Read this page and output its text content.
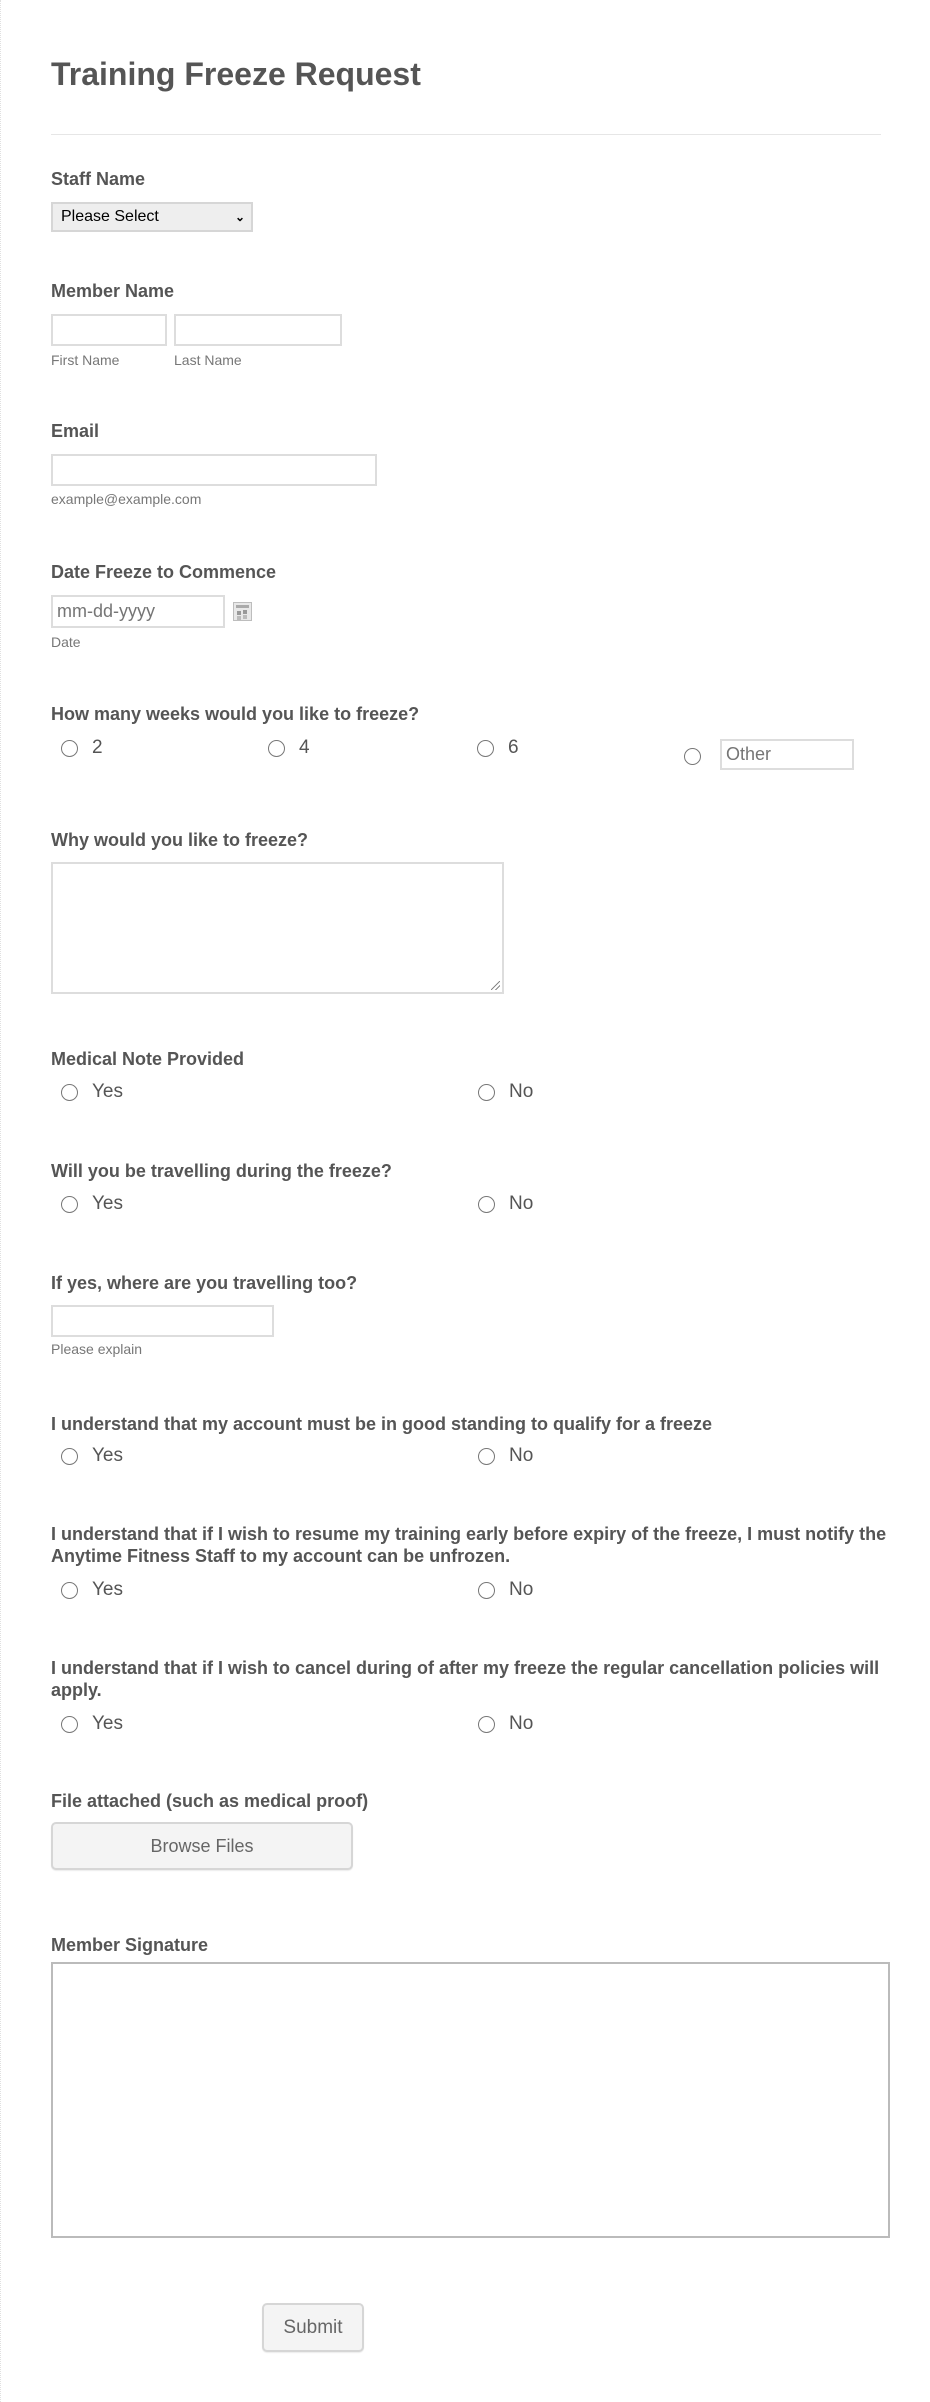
Training Freeze Request
Staff Name
Please Select	⌄
Member Name
First Name	Last Name
Email
example@example.com
Date Freeze to Commence
mm-dd-yyyy
Date
How many weeks would you like to freeze?
2	4	6
Other
Why would you like to freeze?
Medical Note Provided
Yes	No
Will you be travelling during the freeze?
Yes	No
If yes, where are you travelling too?
Please explain
I understand that my account must be in good standing to qualify for a freeze
Yes	No
I understand that if I wish to resume my training early before expiry of the freeze, I must notify the Anytime Fitness Staff to my account can be unfrozen.
Yes	No
I understand that if I wish to cancel during of after my freeze the regular cancellation policies will apply.
Yes	No
File attached (such as medical proof)
Browse Files
Member Signature
Submit
